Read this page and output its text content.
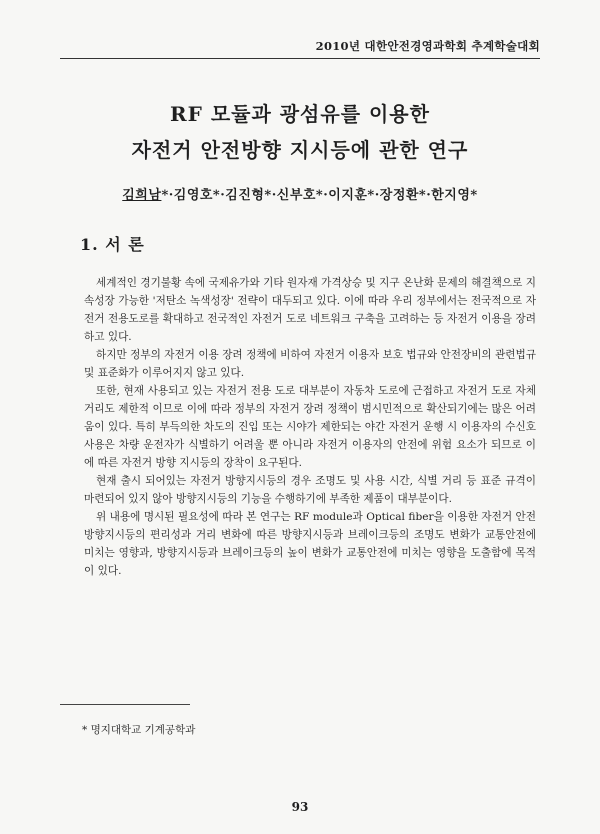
2010년 대한안전경영과학회 추계학술대회
RF 모듈과 광섬유를 이용한
자전거 안전방향 지시등에 관한 연구
김희남*·김영호*·김진형*·신부호*·이지훈*·장정환*·한지영*
1. 서 론

세계적인 경기불황 속에 국제유가와 기타 원자재 가격상승 및 지구 온난화 문제의 해결책으로 지속성장 가능한 '저탄소 녹색성장' 전략이 대두되고 있다. 이에 따라 우리 정부에서는 전국적으로 자전거 전용도로를 확대하고 전국적인 자전거 도로 네트워크 구축을 고려하는 등 자전거 이용을 장려하고 있다.

하지만 정부의 자전거 이용 장려 정책에 비하여 자전거 이용자 보호 법규와 안전장비의 관련법규 및 표준화가 이루어지지 않고 있다.

또한, 현재 사용되고 있는 자전거 전용 도로 대부분이 자동차 도로에 근접하고 자전거 도로 자체 거리도 제한적 이므로 이에 따라 정부의 자전거 장려 정책이 범시민적으로 확산되기에는 많은 어려움이 있다. 특히 부득의한 차도의 진입 또는 시야가 제한되는 야간 자전거 운행 시 이용자의 수신호사용은 차량 운전자가 식별하기 어려울 뿐 아니라 자전거 이용자의 안전에 위험 요소가 되므로 이에 따른 자전거 방향 지시등의 장착이 요구된다.

현재 출시 되어있는 자전거 방향지시등의 경우 조명도 및 사용 시간, 식별 거리 등 표준 규격이 마련되어 있지 않아 방향지시등의 기능을 수행하기에 부족한 제품이 대부분이다.

위 내용에 명시된 필요성에 따라 본 연구는 RF module과 Optical fiber을 이용한 자전거 안전 방향지시등의 편리성과 거리 변화에 따른 방향지시등과 브레이크등의 조명도 변화가 교통안전에 미치는 영향과, 방향지시등과 브레이크등의 높이 변화가 교통안전에 미치는 영향을 도출함에 목적이 있다.

* 명지대학교 기계공학과
93
